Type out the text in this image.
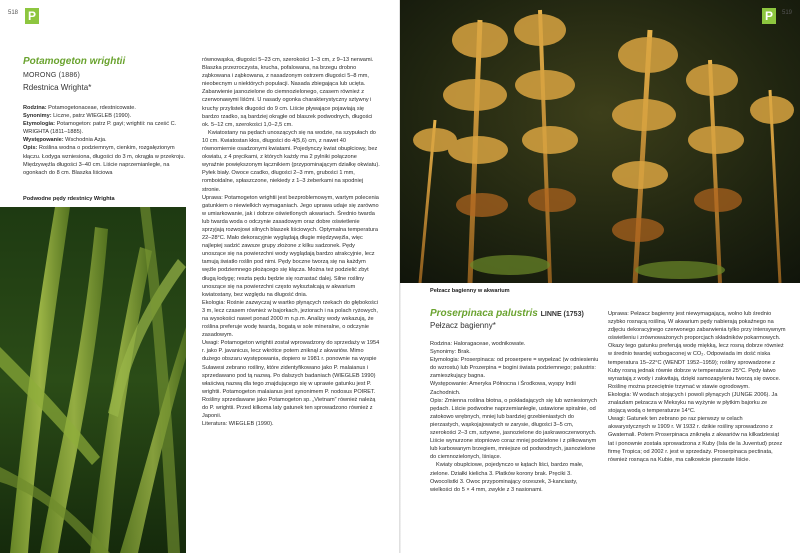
518 P
Potamogeton wrightii
MORONG (1886)
Rdestnica Wrighta*

Rodzina: Potamogetonaceae, rdestnicowate.

Synonimy: Liczne, patrz WIEGLEB (1990).

Etymologia: Potamogeton: patrz P. gayi; wrightii: na cześć C. WRIGHTA (1811–1885).

Występowanie: Wschodnia Azja.

Opis: Roślina wodna o podziemnym, cienkim, rozgałęzionym kłączu. Łodyga wzniesiona, długości do 3 m, okrągła w przekroju. Międzywęźla długości 3–40 cm. Liście naprzemianległe, na ogonkach do 8 cm. Blaszka liściowa

Podwodne pędy rdestnicy Wrighta

równowąska, długości 5–23 cm, szerokości 1–3 cm, z 9–13 nerwami. Blaszka przezroczysta, krucha, pofalowana, na brzegu drobno ząbkowana i ząbkowana, z nasadzonym ostrzem długości 5–8 mm, nieobecnym u niektórych populacji. Nasada zbiegająca lub ucięta. Zabarwienie jasnozielone do ciemnozielonego, czasem również z czerwonawymi liśćmi. U nasady ogonka charakterystyczny sztywny i kruchy przylistek długości do 9 cm. Liście pływające pojawiają się bardzo rzadko, są bardziej okrągłe od blaszek podwodnych, długości ok. 5–12 cm, szerokości 1,0–2,5 cm.

Kwiatostany na pędach unoszących się na wodzie, na szypułach do 10 cm. Kwiatostan kłos, długości do 4(5,6) cm, z nawet 40 równomiernie osadzonymi kwiatami. Pojedynczy kwiat obupłciowy, bez okwiatu, z 4 pręcikami, z których każdy ma 2 pylniki połączone wyraźnie powiększonym łącznikiem (przypominającym działkę okwiatu). Pyłek biały. Owoce czadko, długości 2–3 mm, grubości 1 mm, romboidalne, spłaszczone, niekiedy z 1–3 żeberkami na spodniej stronie.

Uprawa: Potamogeton wrightii jest bezproblemowym, wartym polecenia gatunkiem o niewielkich wymaganiach. Jego uprawa udaje się zarówno w umiarkowanie, jak i dobrze oświetlonych akwariach. Średnio twarda lub twarda woda o odczynie zasadowym oraz dobre oświetlenie sprzyjają rozwojowi silnych blaszek liściowych. Optymalna temperatura 22–28°C. Mało dekoracyjnie wyglądają długie międzywęźla, więc najlepiej sadzić zawsze grupy złożone z kilku sadzonek. Pędy unoszące się na powierzchni wody wyglądają bardzo atrakcyjnie, lecz tamują światło roślin pod nimi. Pędy boczne tworzą się na każdym węźle podziemnego płożącego się kłącza. Można też podzielić zbyt długą łodygę; reszta pędu będzie się rozrastać dalej. Silne rośliny unoszące się na powierzchni często wykształcają w akwarium kwiatostany, bez względu na długość dnia.

Ekologia: Rośnie zazwyczaj w wartko płynących rzekach do głębokości 3 m, lecz czasem również w bajorkach, jeziorach i na polach ryżowych, na wysokości nawet ponad 2000 m n.p.m. Analizy wody wskazują, że roślina preferuje wodę twardą, bogatą w sole mineralne, o odczynie zasadowym.

Uwagi: Potamogeton wrightii został wprowadzony do sprzedaży w 1954 r. jako P. javanicus, lecz wkrótce potem zniknął z akwariów. Mimo dużego obszaru występowania, dopiero w 1981 r. ponownie na wyspie Sulawesi zebrano rośliny, które zidentyfikowano jako P. malaianus i sprzedawano pod tą nazwą. Po dalszych badaniach (WIEGLEB 1990) właściwą nazwą dla tego znajdującego się w uprawie gatunku jest P. wrightii. Potamogeton malaianus jest synonimem P. nodosus POIRET. Rośliny sprzedawane jako Potamogeton sp. „Vietnam” również należą do P. wrightii. Przed kilkoma laty gatunek ten sprowadzono również z Japonii.

Literatura: WIEGLEB (1990).

519
P
Pełzacz bagienny w akwarium
Proserpinaca palustris LINNE (1753)
Pełzacz bagienny*

Rodzina: Haloragaceae, wodnikowate.

Synonimy: Brak.

Etymologia: Proserpinaca: od proserpere = wypełzać (w odniesieniu do wzrostu) lub Prozerpina = bogini świata podziemnego; palustris: zamieszkujący bagna.

Występowanie: Ameryka Północna i Środkowa, wyspy Indii Zachodnich.

Opis: Zmienna roślina błotna, o pokładających się lub wzniesionych pędach. Liście podwodne naprzemianległe, ustawione spiralnie, od zatokowo wrębnych, mniej lub bardziej grzebieniastych do pierzastych, wąskojajowatych w zarysie, długości 3–5 cm, szerokości 2–3 cm, sztywne, jasnozielone do jaskrawoczerwonych. Liście wynurzone stopniowo coraz mniej podzielone i z piłkowanym lub karbowanym brzegiem, mniejsze od podwodnych, jasnozielone do ciemnozielonych, lśniące.

Kwiaty obupłciowe, pojedynczo w kątach liści, bardzo małe, zielone. Działki kielicha 3. Płatków korony brak. Pręciki 3. Owocolistki 3. Owoc przypominający orzeszek, 3-kanciasty, wielkości do 5 × 4 mm, zwykle z 3 nasionami.

Uprawa: Pełzacz bagienny jest niewymagającą, wolno lub średnio szybko rosnącą rośliną. W akwarium pędy nabierają pokaźnego na zdjęciu dekoracyjnego czerwonego zabarwienia tylko przy intensywnym oświetleniu i zrównoważonych proporcjach składników pokarmowych. Okazy tego gatunku preferują wodę miękką, lecz rosną dobrze również w średnio twardej wzbogaconej w CO₂. Odpowiada im dość niska temperatura 15–22°C (WENDT 1952–1959); rośliny sprowadzone z Kuby rosną jednak równie dobrze w temperaturze 25°C. Pędy łatwo wyrastają z wody i zakwitają, dzięki samozapyleniu tworzą się owoce. Roślinę można przeciętnie trzymać w stawie ogrodowym.

Ekologia: W wodach stojących i powoli płynących (JUNGE 2006). Ja znalazłam pełzacza w Meksyku na wyżynie w płytkim bajorku ze stojącą wodą o temperaturze 14°C.

Uwagi: Gatunek ten zebrano po raz pierwszy w celach akwarystycznych w 1909 r. W 1932 r. dzikie rośliny sprowadzono z Gwatemali. Potem Proserpinaca zniknęła z akwariów na kilkadziesiąt lat i ponownie została sprowadzona z Kuby (Isla de la Juventud) przez firmę Tropica; od 2002 r. jest w sprzedaży. Proserpinaca pectinata, również rosnąca na Kubie, ma całkowicie pierzaste liście.
